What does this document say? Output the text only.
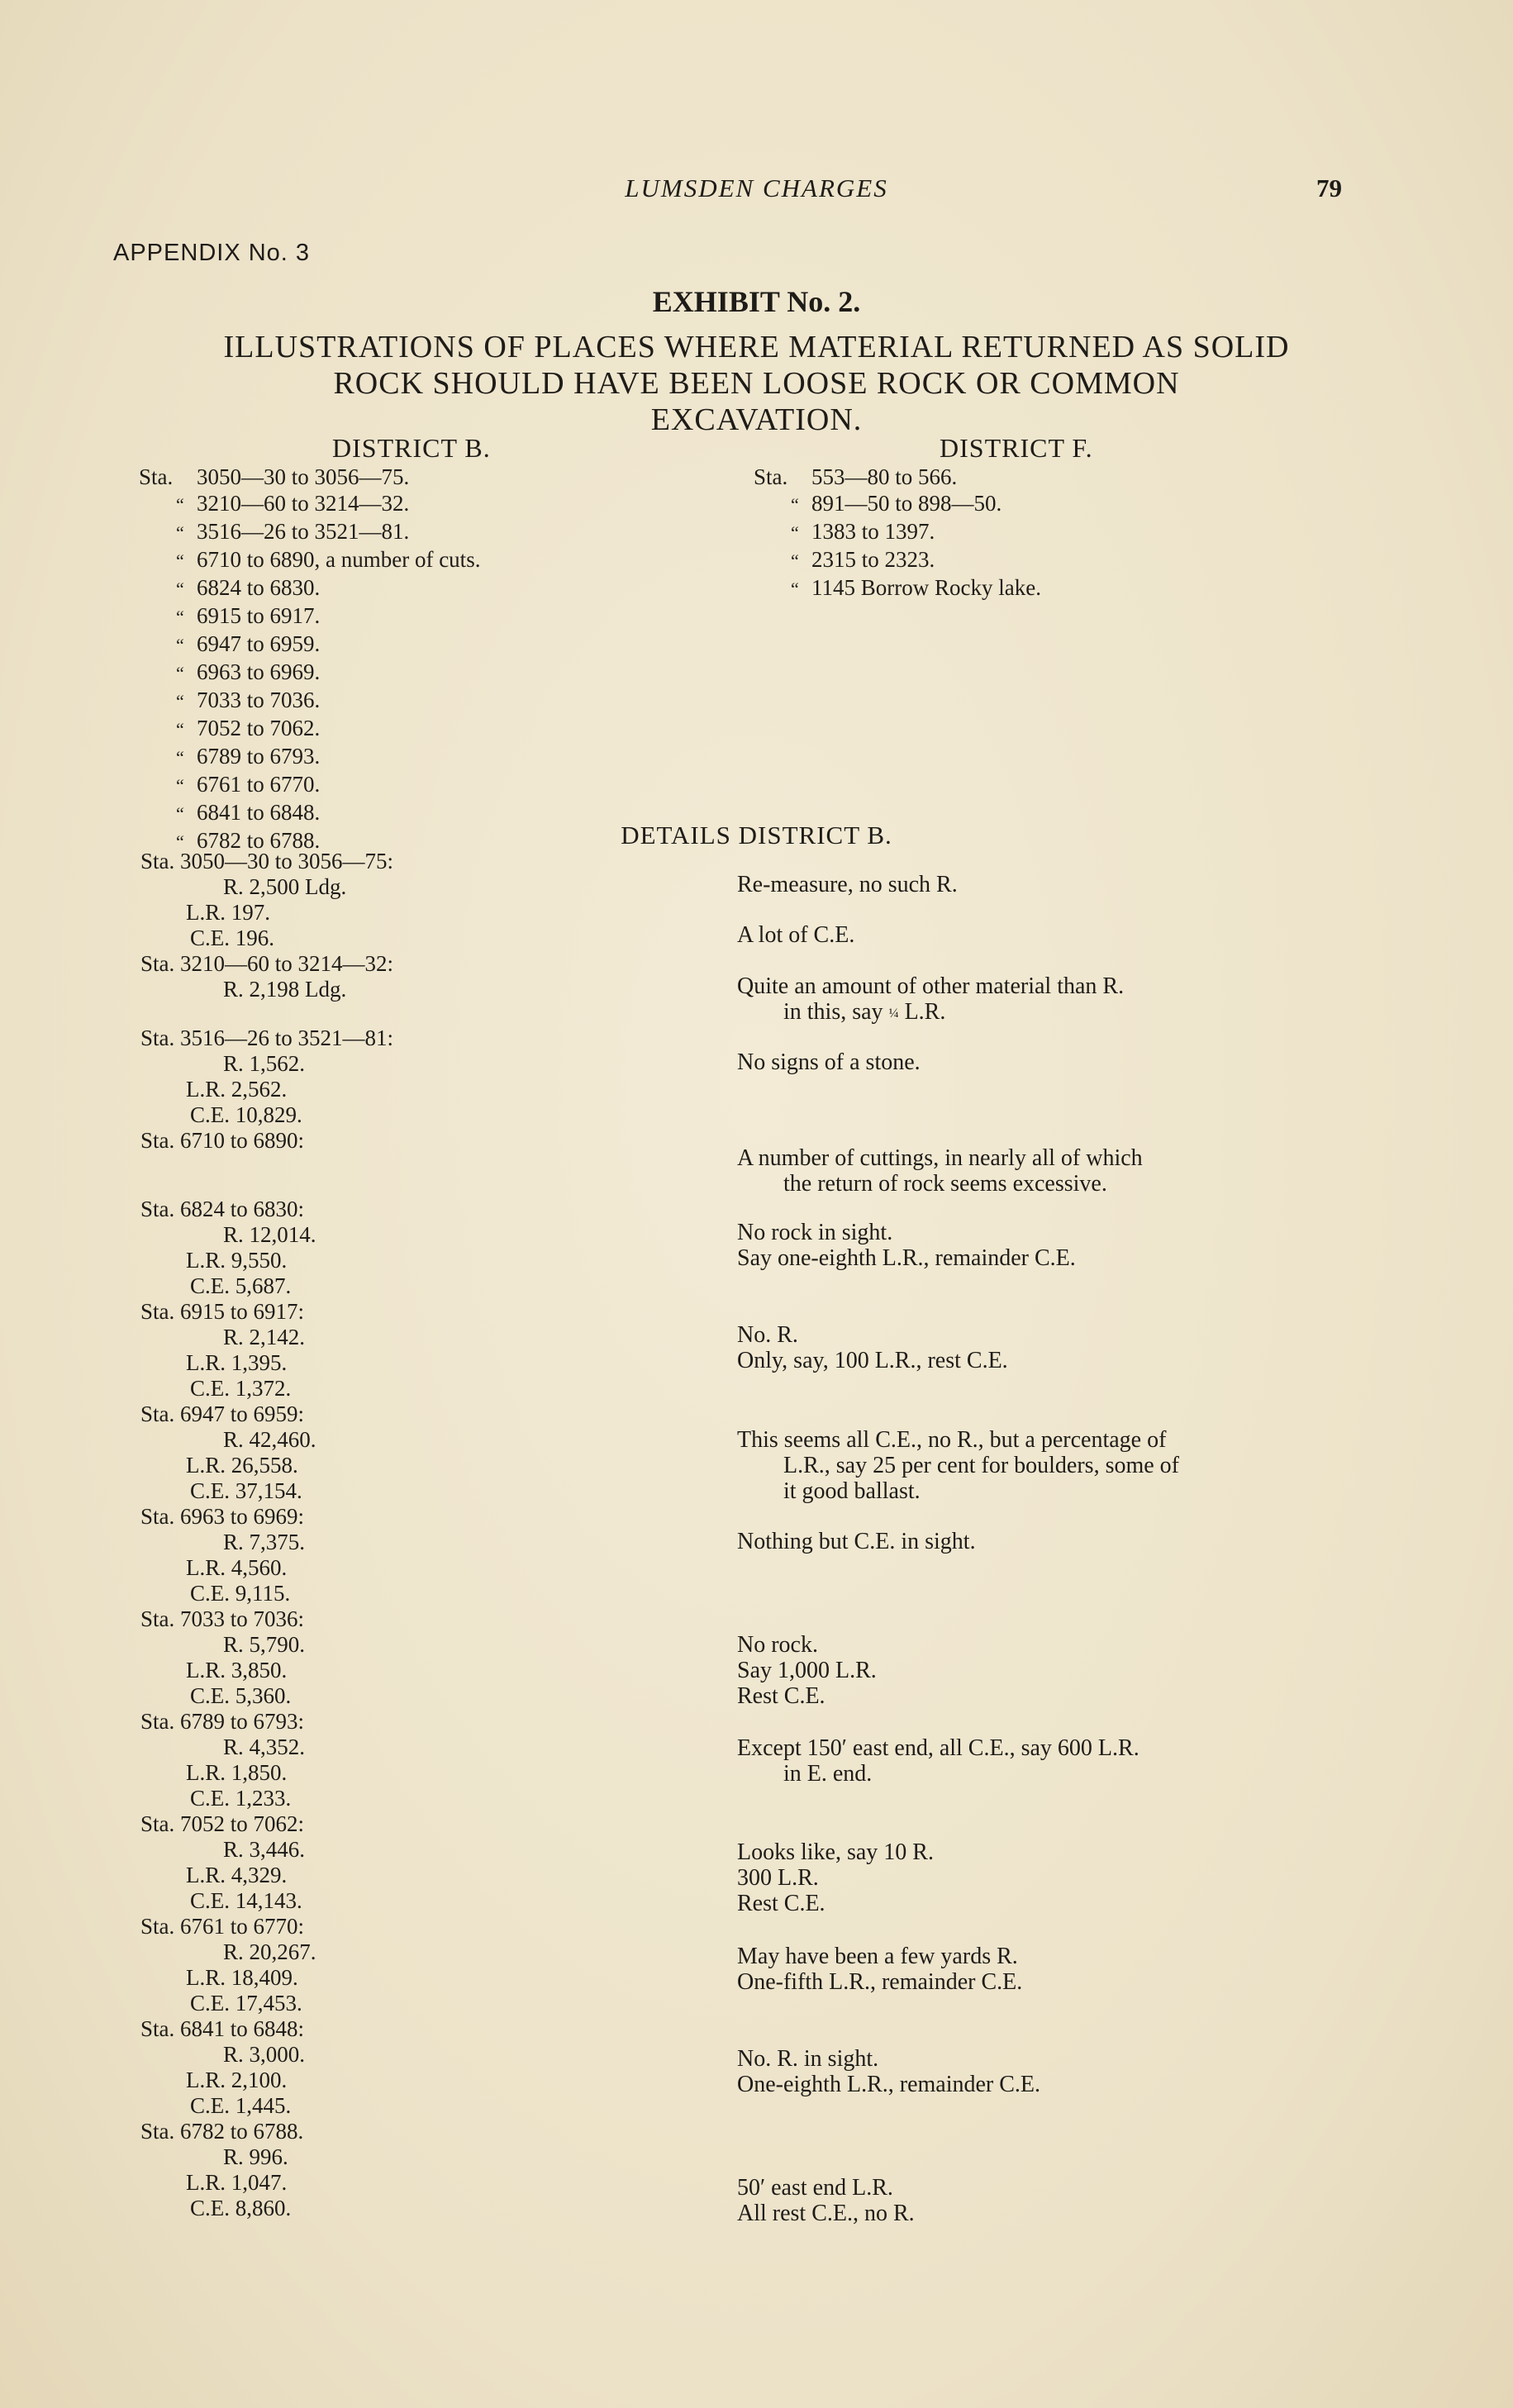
LUMSDEN CHARGES	79
APPENDIX No. 3
EXHIBIT No. 2.
ILLUSTRATIONS OF PLACES WHERE MATERIAL RETURNED AS SOLID
ROCK SHOULD HAVE BEEN LOOSE ROCK OR COMMON
EXCAVATION.
DISTRICT B.
Sta. 3050—30 to 3056—75.
“ 3210—60 to 3214—32.
“ 3516—26 to 3521—81.
“ 6710 to 6890, a number of cuts.
“ 6824 to 6830.
“ 6915 to 6917.
“ 6947 to 6959.
“ 6963 to 6969.
“ 7033 to 7036.
“ 7052 to 7062.
“ 6789 to 6793.
“ 6761 to 6770.
“ 6841 to 6848.
“ 6782 to 6788.
DISTRICT F.
Sta. 553—80 to 566.
“ 891—50 to 898—50.
“ 1383 to 1397.
“ 2315 to 2323.
“ 1145 Borrow Rocky lake.
DETAILS DISTRICT B.
Sta. 3050—30 to 3056—75:
R. 2,500 Ldg.
L.R. 197.
C.E. 196.
Sta. 3210—60 to 3214—32:
R. 2,198 Ldg.
Sta. 3516—26 to 3521—81:
R. 1,562.
L.R. 2,562.
C.E. 10,829.
Sta. 6710 to 6890:
Sta. 6824 to 6830:
R. 12,014.
L.R. 9,550.
C.E. 5,687.
Sta. 6915 to 6917:
R. 2,142.
L.R. 1,395.
C.E. 1,372.
Sta. 6947 to 6959:
R. 42,460.
L.R. 26,558.
C.E. 37,154.
Sta. 6963 to 6969:
R. 7,375.
L.R. 4,560.
C.E. 9,115.
Sta. 7033 to 7036:
R. 5,790.
L.R. 3,850.
C.E. 5,360.
Sta. 6789 to 6793:
R. 4,352.
L.R. 1,850.
C.E. 1,233.
Sta. 7052 to 7062:
R. 3,446.
L.R. 4,329.
C.E. 14,143.
Sta. 6761 to 6770:
R. 20,267.
L.R. 18,409.
C.E. 17,453.
Sta. 6841 to 6848:
R. 3,000.
L.R. 2,100.
C.E. 1,445.
Sta. 6782 to 6788.
R. 996.
L.R. 1,047.
C.E. 8,860.
Re-measure, no such R.
A lot of C.E.
Quite an amount of other material than R.
in this, say ¼ L.R.
No signs of a stone.
A number of cuttings, in nearly all of which
the return of rock seems excessive.
No rock in sight.
Say one-eighth L.R., remainder C.E.
No. R.
Only, say, 100 L.R., rest C.E.
This seems all C.E., no R., but a percentage of
L.R., say 25 per cent for boulders, some of
it good ballast.
Nothing but C.E. in sight.
No rock.
Say 1,000 L.R.
Rest C.E.
Except 150′ east end, all C.E., say 600 L.R.
in E. end.
Looks like, say 10 R.
300 L.R.
Rest C.E.
May have been a few yards R.
One-fifth L.R., remainder C.E.
No. R. in sight.
One-eighth L.R., remainder C.E.
50′ east end L.R.
All rest C.E., no R.
